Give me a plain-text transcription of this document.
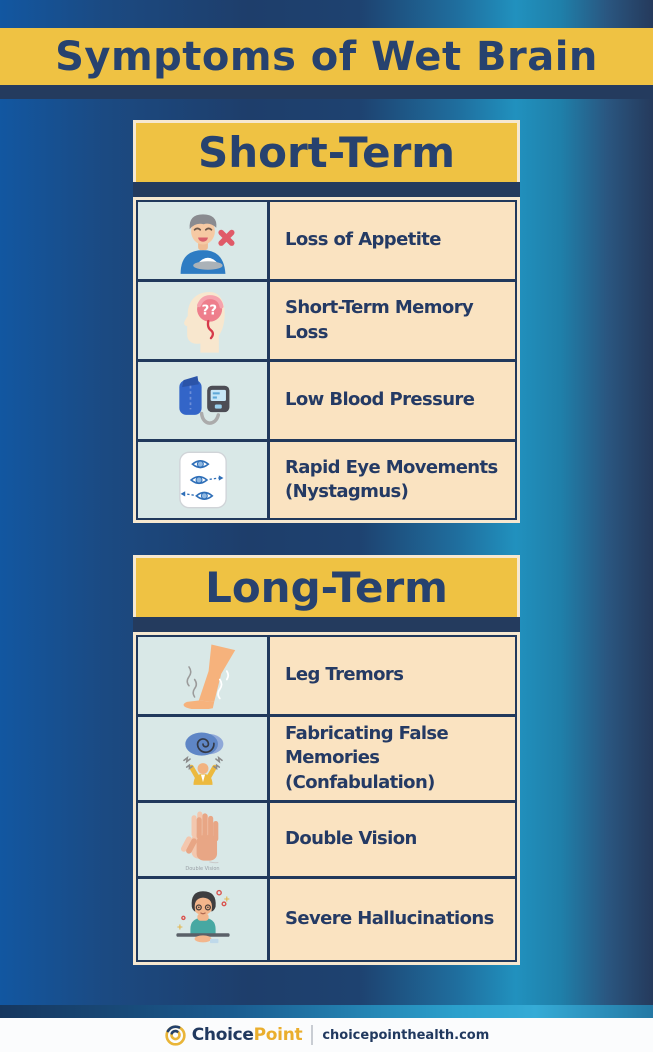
Symptoms of Wet Brain
Short-Term
Loss of Appetite
??	Short-Term Memory Loss
Low Blood Pressure
Rapid Eye Movements (Nystagmus)
Long-Term
Leg Tremors
Fabricating False Memories (Confabulation)
Double Vision
Double Vision
Severe Hallucinations
ChoicePoint choicepointhealth.com
